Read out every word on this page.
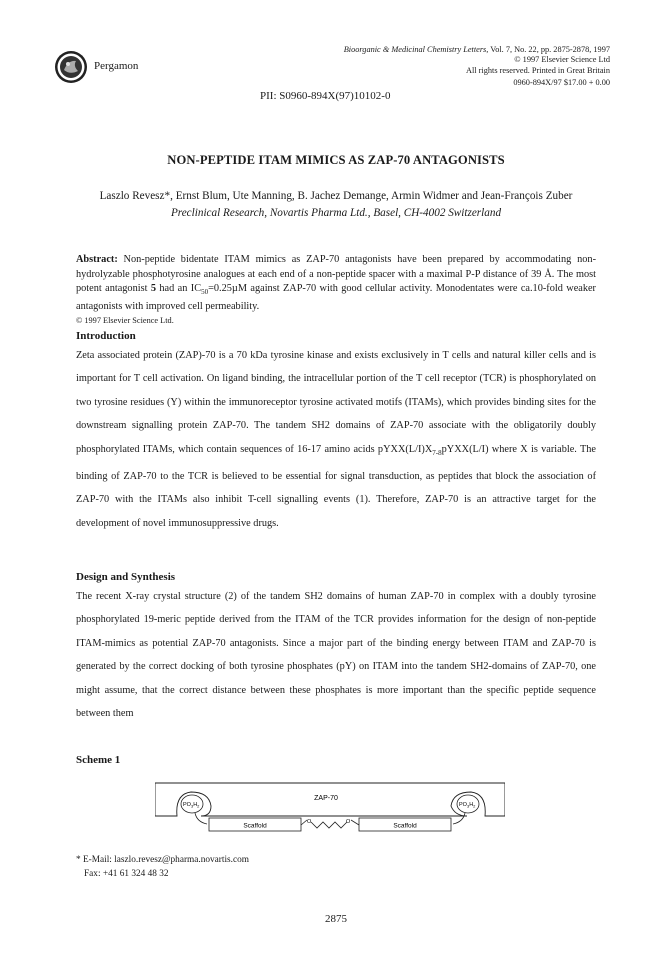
Pergamon
Bioorganic & Medicinal Chemistry Letters, Vol. 7, No. 22, pp. 2875-2878, 1997
© 1997 Elsevier Science Ltd
All rights reserved. Printed in Great Britain
0960-894X/97 $17.00 + 0.00
PII: S0960-894X(97)10102-0
NON-PEPTIDE ITAM MIMICS AS ZAP-70 ANTAGONISTS
Laszlo Revesz*, Ernst Blum, Ute Manning, B. Jachez Demange, Armin Widmer and Jean-François Zuber
Preclinical Research, Novartis Pharma Ltd., Basel, CH-4002 Switzerland
Abstract: Non-peptide bidentate ITAM mimics as ZAP-70 antagonists have been prepared by accommodating non-hydrolyzable phosphotyrosine analogues at each end of a non-peptide spacer with a maximal P-P distance of 39 Å. The most potent antagonist 5 had an $IC_{50}=0.25\mu M$ against ZAP-70 with good cellular activity. Monodentates were ca.10-fold weaker antagonists with improved cell permeability.
© 1997 Elsevier Science Ltd.
Introduction
Zeta associated protein (ZAP)-70 is a 70 kDa tyrosine kinase and exists exclusively in T cells and natural killer cells and is important for T cell activation. On ligand binding, the intracellular portion of the T cell receptor (TCR) is phosphorylated on two tyrosine residues (Y) within the immunoreceptor tyrosine activated motifs (ITAMs), which provides binding sites for the downstream signalling protein ZAP-70. The tandem SH2 domains of ZAP-70 associate with the obligatorily doubly phosphorylated ITAMs, which contain sequences of 16-17 amino acids $pYXX(L/I)X_{7-8}pYXX(L/I)$ where X is variable. The binding of ZAP-70 to the TCR is believed to be essential for signal transduction, as peptides that block the association of ZAP-70 with the ITAMs also inhibit T-cell signalling events (1). Therefore, ZAP-70 is an attractive target for the development of novel immunosuppressive drugs.
Design and Synthesis
The recent X-ray crystal structure (2) of the tandem SH2 domains of human ZAP-70 in complex with a doubly tyrosine phosphorylated 19-meric peptide derived from the ITAM of the TCR provides information for the design of non-peptide ITAM-mimics as potential ZAP-70 antagonists. Since a major part of the binding energy between ITAM and ZAP-70 is generated by the correct docking of both tyrosine phosphates (pY) on ITAM into the tandem SH2-domains of ZAP-70, one might assume, that the correct distance between these phosphates is more important than the specific peptide sequence between them
Scheme 1
ZAP-70
$PO_3H_2$	$PO_3H_2$
Scaffold	Scaffold
O	O
* E-Mail: laszlo.revesz@pharma.novartis.com
Fax: +41 61 324 48 32
2875
